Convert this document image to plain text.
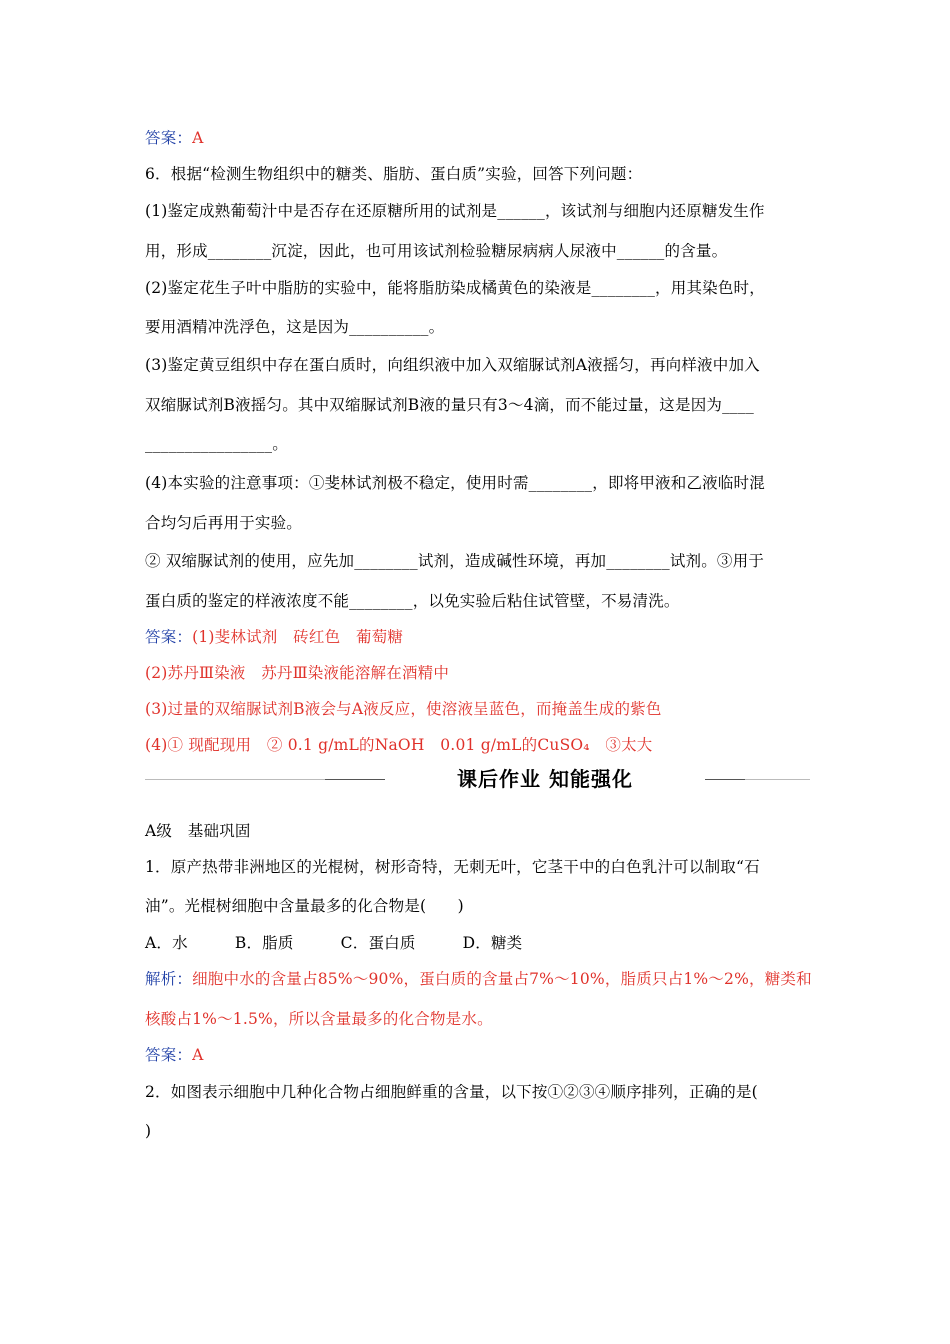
答案：A
6．根据“检测生物组织中的糖类、脂肪、蛋白质”实验，回答下列问题：
(1)鉴定成熟葡萄汁中是否存在还原糖所用的试剂是______，该试剂与细胞内还原糖发生作
用，形成________沉淀，因此，也可用该试剂检验糖尿病病人尿液中______的含量。
(2)鉴定花生子叶中脂肪的实验中，能将脂肪染成橘黄色的染液是________，用其染色时，
要用酒精冲洗浮色，这是因为__________。
(3)鉴定黄豆组织中存在蛋白质时，向组织液中加入双缩脲试剂A液摇匀，再向样液中加入
双缩脲试剂B液摇匀。其中双缩脲试剂B液的量只有3～4滴，而不能过量，这是因为____
________________。
(4)本实验的注意事项：①斐林试剂极不稳定，使用时需________，即将甲液和乙液临时混
合均匀后再用于实验。
② 双缩脲试剂的使用，应先加________试剂，造成碱性环境，再加________试剂。③用于
蛋白质的鉴定的样液浓度不能________，以免实验后粘住试管壁，不易清洗。
答案：(1)斐林试剂　砖红色　葡萄糖
(2)苏丹Ⅲ染液　苏丹Ⅲ染液能溶解在酒精中
(3)过量的双缩脲试剂B液会与A液反应，使溶液呈蓝色，而掩盖生成的紫色
(4)① 现配现用　② 0.1 g/mL的NaOH　0.01 g/mL的CuSO₄　③太大
课后作业 知能强化
A级　基础巩固
1．原产热带非洲地区的光棍树，树形奇特，无刺无叶，它茎干中的白色乳汁可以制取“石
油”。光棍树细胞中含量最多的化合物是(　　)
A．水　　　B．脂质　　　C．蛋白质　　　D．糖类
解析：细胞中水的含量占85%～90%，蛋白质的含量占7%～10%，脂质只占1%～2%，糖类和
核酸占1%～1.5%，所以含量最多的化合物是水。
答案：A
2．如图表示细胞中几种化合物占细胞鲜重的含量，以下按①②③④顺序排列，正确的是(
)
